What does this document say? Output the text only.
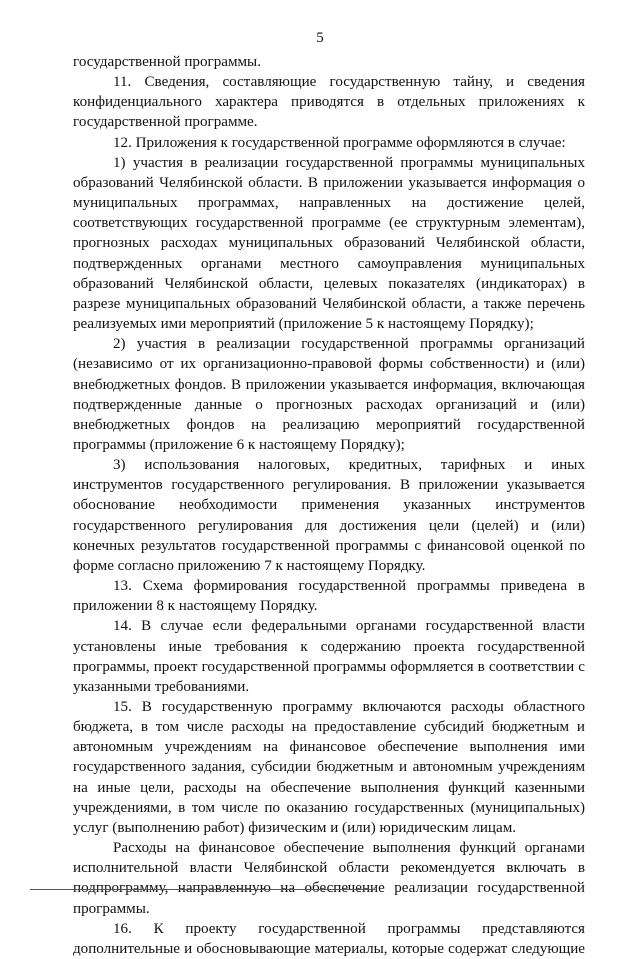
5

государственной программы.

11. Сведения, составляющие государственную тайну, и сведения конфиденциального характера приводятся в отдельных приложениях к государственной программе.

12. Приложения к государственной программе оформляются в случае:

1) участия в реализации государственной программы муниципальных образований Челябинской области. В приложении указывается информация о муниципальных программах, направленных на достижение целей, соответствующих государственной программе (ее структурным элементам), прогнозных расходах муниципальных образований Челябинской области, подтвержденных органами местного самоуправления муниципальных образований Челябинской области, целевых показателях (индикаторах) в разрезе муниципальных образований Челябинской области, а также перечень реализуемых ими мероприятий (приложение 5 к настоящему Порядку);

2) участия в реализации государственной программы организаций (независимо от их организационно-правовой формы собственности) и (или) внебюджетных фондов. В приложении указывается информация, включающая подтвержденные данные о прогнозных расходах организаций и (или) внебюджетных фондов на реализацию мероприятий государственной программы (приложение 6 к настоящему Порядку);

3) использования налоговых, кредитных, тарифных и иных инструментов государственного регулирования. В приложении указывается обоснование необходимости применения указанных инструментов государственного регулирования для достижения цели (целей) и (или) конечных результатов государственной программы с финансовой оценкой по форме согласно приложению 7 к настоящему Порядку.

13. Схема формирования государственной программы приведена в приложении 8 к настоящему Порядку.

14. В случае если федеральными органами государственной власти установлены иные требования к содержанию проекта государственной программы, проект государственной программы оформляется в соответствии с указанными требованиями.

15. В государственную программу включаются расходы областного бюджета, в том числе расходы на предоставление субсидий бюджетным и автономным учреждениям на финансовое обеспечение выполнения ими государственного задания, субсидии бюджетным и автономным учреждениям на иные цели, расходы на обеспечение выполнения функций казенными учреждениями, в том числе по оказанию государственных (муниципальных) услуг (выполнению работ) физическим и (или) юридическим лицам.

Расходы на финансовое обеспечение выполнения функций органами исполнительной власти Челябинской области рекомендуется включать в подпрограмму, направленную на обеспечение реализации государственной программы.

16. К проекту государственной программы представляются дополнительные и обосновывающие материалы, которые содержат следующие
